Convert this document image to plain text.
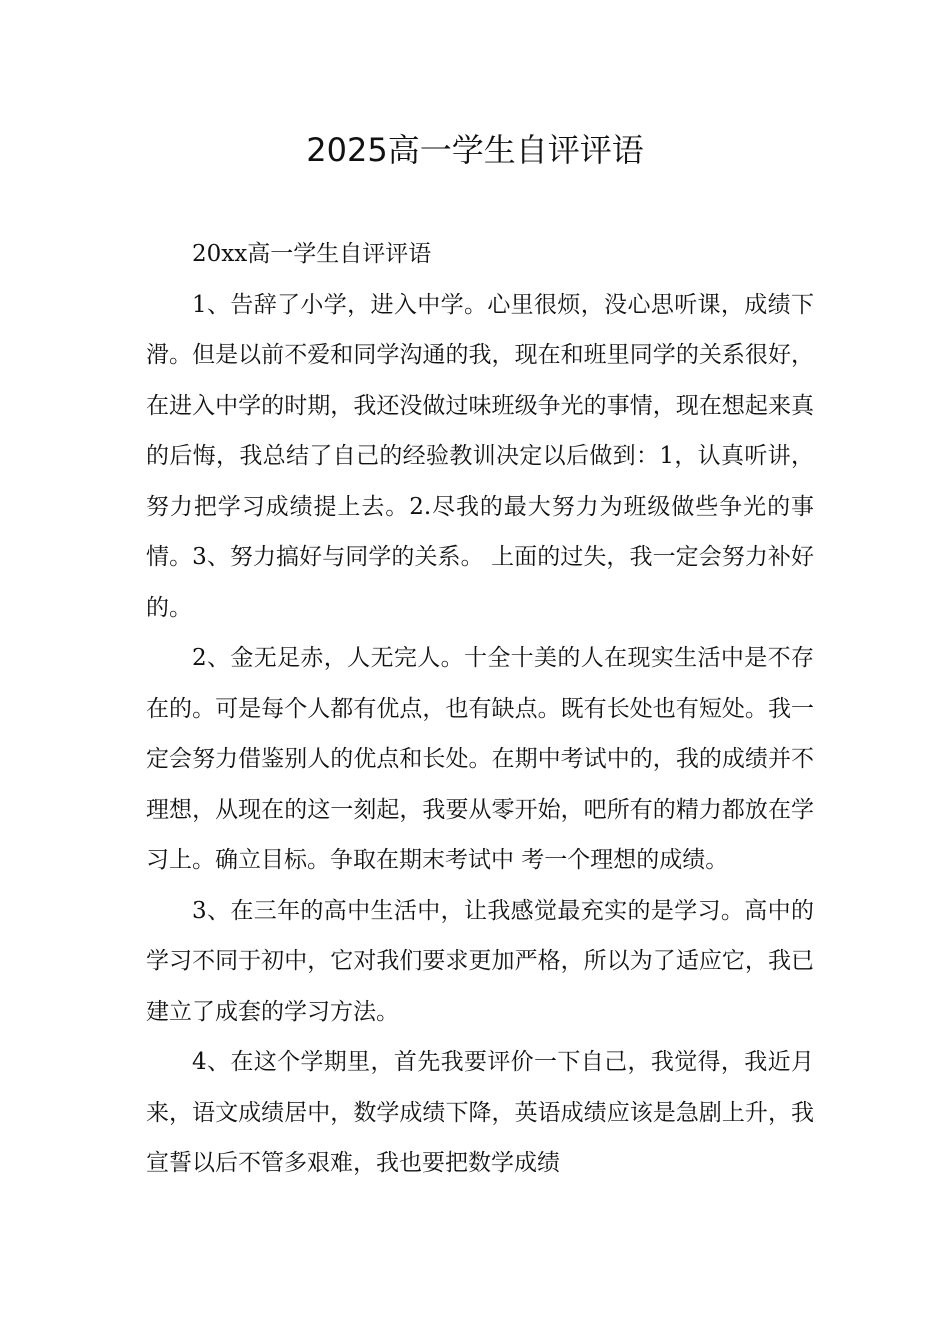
2025高一学生自评评语

20xx高一学生自评评语

1、告辞了小学，进入中学。心里很烦，没心思听课，成绩下滑。但是以前不爱和同学沟通的我，现在和班里同学的关系很好，在进入中学的时期，我还没做过味班级争光的事情，现在想起来真的后悔，我总结了自己的经验教训决定以后做到：1，认真听讲，努力把学习成绩提上去。2.尽我的最大努力为班级做些争光的事情。3、努力搞好与同学的关系。 上面的过失，我一定会努力补好的。

2、金无足赤，人无完人。十全十美的人在现实生活中是不存在的。可是每个人都有优点，也有缺点。既有长处也有短处。我一定会努力借鉴别人的优点和长处。在期中考试中的，我的成绩并不理想，从现在的这一刻起，我要从零开始，吧所有的精力都放在学习上。确立目标。争取在期末考试中 考一个理想的成绩。

3、在三年的高中生活中，让我感觉最充实的是学习。高中的学习不同于初中，它对我们要求更加严格，所以为了适应它，我已建立了成套的学习方法。

4、在这个学期里，首先我要评价一下自己，我觉得，我近月来，语文成绩居中，数学成绩下降，英语成绩应该是急剧上升，我宣誓以后不管多艰难，我也要把数学成绩
